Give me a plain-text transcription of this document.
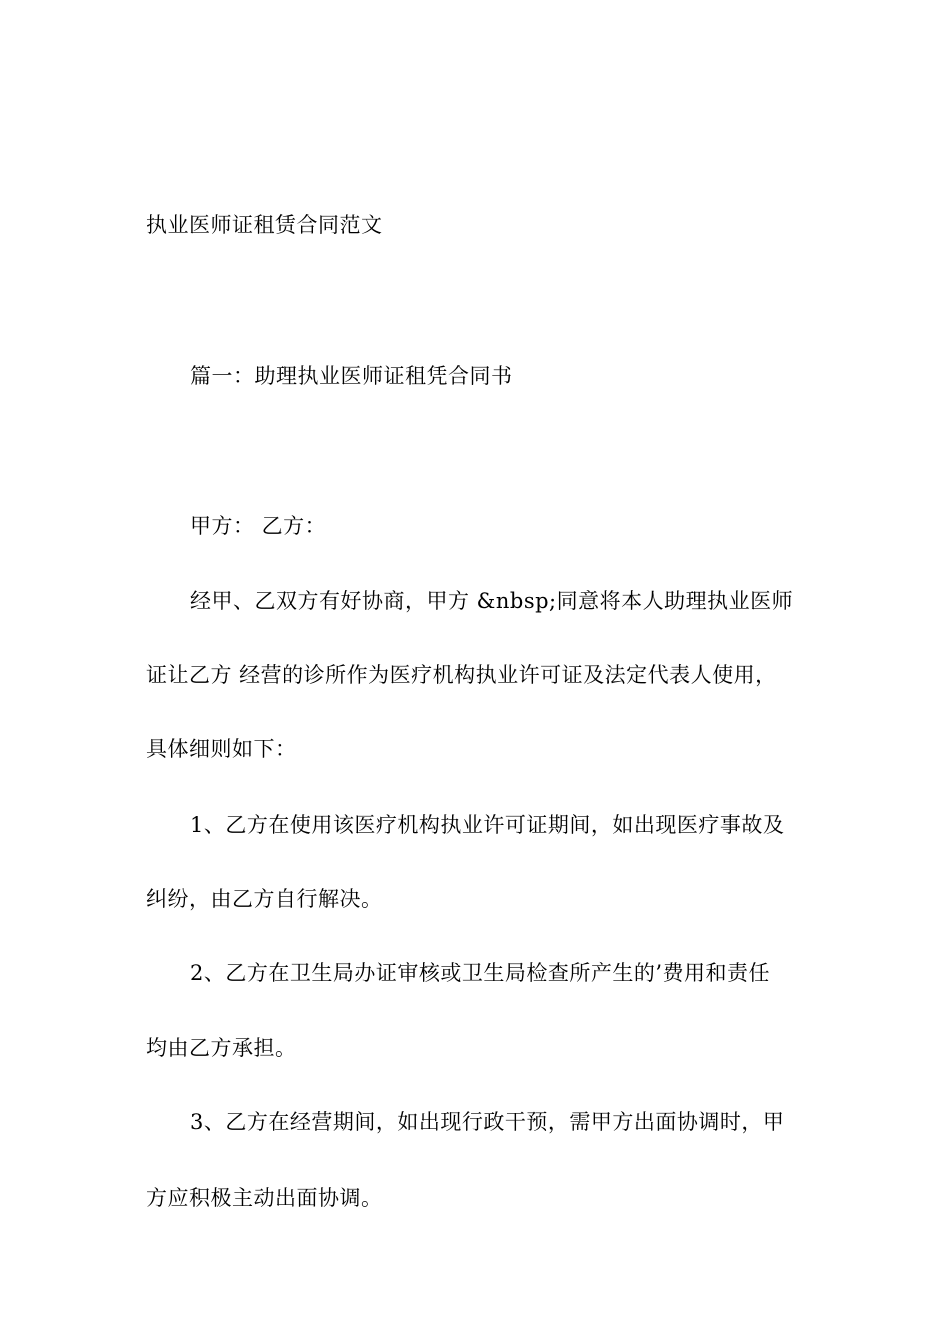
执业医师证租赁合同范文
篇一：助理执业医师证租凭合同书
甲方： 乙方：
经甲、乙双方有好协商，甲方 &nbsp;同意将本人助理执业医师
证让乙方 经营的诊所作为医疗机构执业许可证及法定代表人使用，
具体细则如下：
1、乙方在使用该医疗机构执业许可证期间，如出现医疗事故及
纠纷，由乙方自行解决。
2、乙方在卫生局办证审核或卫生局检查所产生的’费用和责任
均由乙方承担。
3、乙方在经营期间，如出现行政干预，需甲方出面协调时，甲
方应积极主动出面协调。
